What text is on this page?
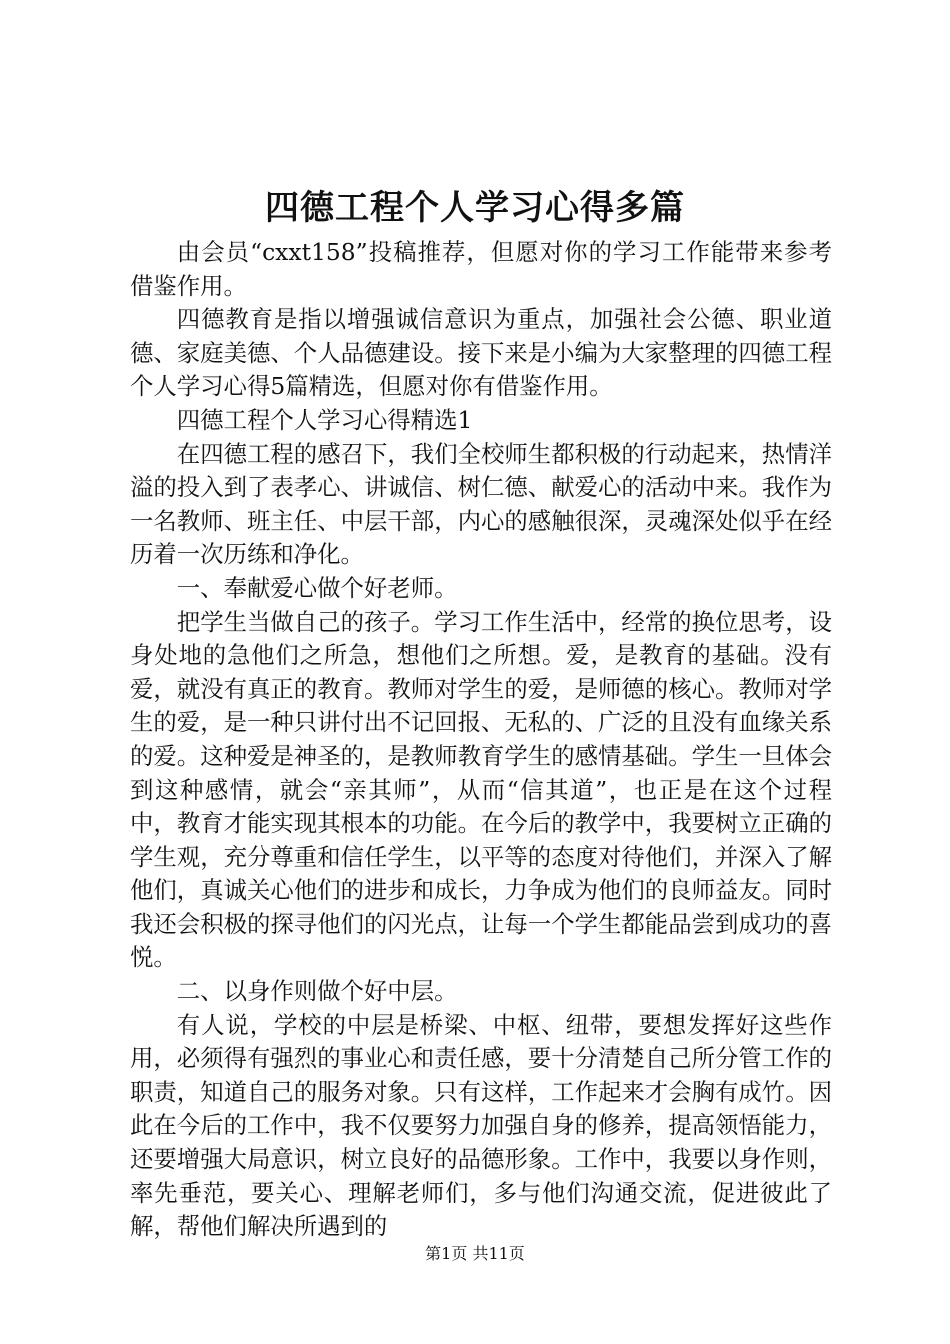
四德工程个人学习心得多篇

由会员“cxxt158”投稿推荐，但愿对你的学习工作能带来参考借鉴作用。

四德教育是指以增强诚信意识为重点，加强社会公德、职业道德、家庭美德、个人品德建设。接下来是小编为大家整理的四德工程个人学习心得5篇精选，但愿对你有借鉴作用。

四德工程个人学习心得精选1

在四德工程的感召下，我们全校师生都积极的行动起来，热情洋溢的投入到了表孝心、讲诚信、树仁德、献爱心的活动中来。我作为一名教师、班主任、中层干部，内心的感触很深，灵魂深处似乎在经历着一次历练和净化。

一、奉献爱心做个好老师。

把学生当做自己的孩子。学习工作生活中，经常的换位思考，设身处地的急他们之所急，想他们之所想。爱，是教育的基础。没有爱，就没有真正的教育。教师对学生的爱，是师德的核心。教师对学生的爱，是一种只讲付出不记回报、无私的、广泛的且没有血缘关系的爱。这种爱是神圣的，是教师教育学生的感情基础。学生一旦体会到这种感情，就会“亲其师”，从而“信其道”，也正是在这个过程中，教育才能实现其根本的功能。在今后的教学中，我要树立正确的学生观，充分尊重和信任学生，以平等的态度对待他们，并深入了解他们，真诚关心他们的进步和成长，力争成为他们的良师益友。同时我还会积极的探寻他们的闪光点，让每一个学生都能品尝到成功的喜悦。

二、以身作则做个好中层。

有人说，学校的中层是桥梁、中枢、纽带，要想发挥好这些作用，必须得有强烈的事业心和责任感，要十分清楚自己所分管工作的职责，知道自己的服务对象。只有这样，工作起来才会胸有成竹。因此在今后的工作中，我不仅要努力加强自身的修养，提高领悟能力，还要增强大局意识，树立良好的品德形象。工作中，我要以身作则，率先垂范，要关心、理解老师们，多与他们沟通交流，促进彼此了解，帮他们解决所遇到的

第1页 共11页
